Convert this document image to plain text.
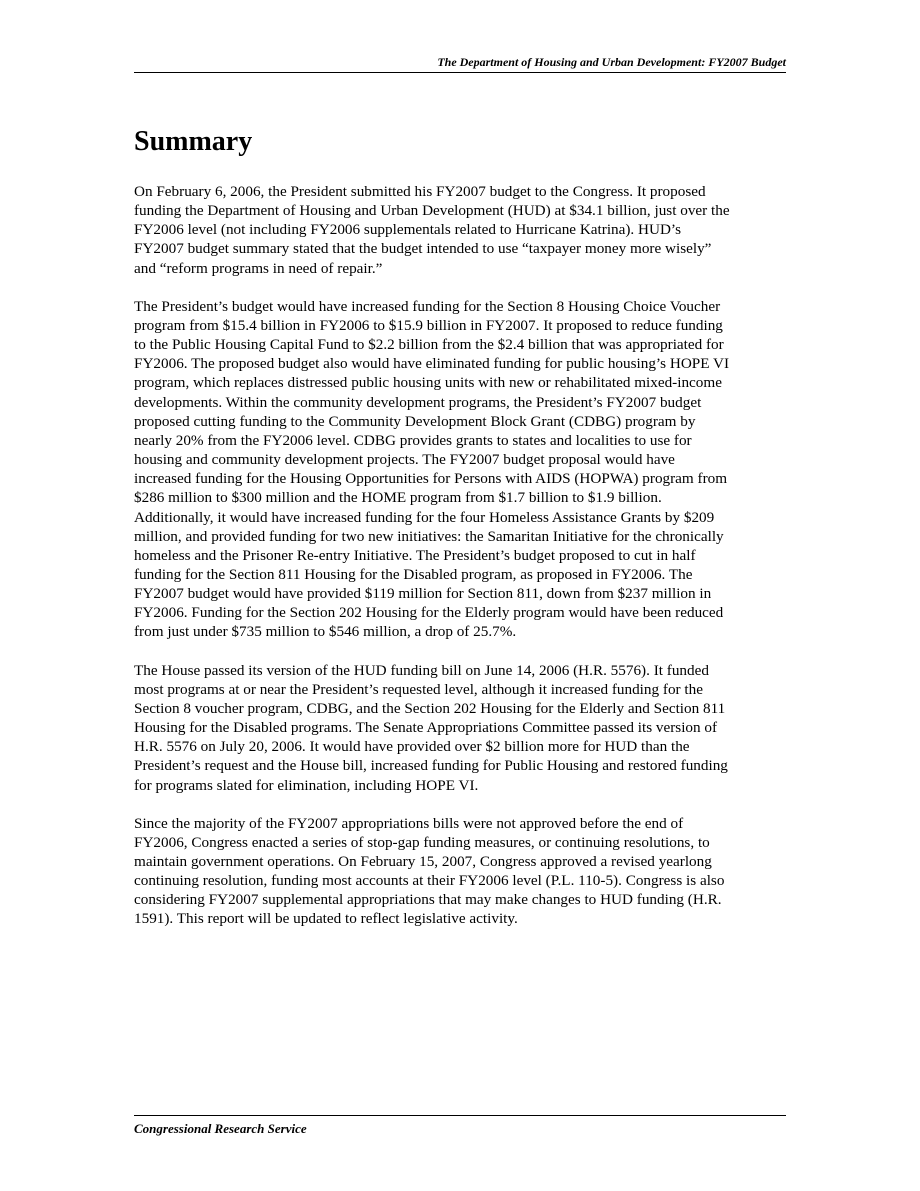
The Department of Housing and Urban Development: FY2007 Budget
Summary

On February 6, 2006, the President submitted his FY2007 budget to the Congress. It proposed
funding the Department of Housing and Urban Development (HUD) at $34.1 billion, just over the
FY2006 level (not including FY2006 supplementals related to Hurricane Katrina). HUD’s
FY2007 budget summary stated that the budget intended to use “taxpayer money more wisely”
and “reform programs in need of repair.”

The President’s budget would have increased funding for the Section 8 Housing Choice Voucher
program from $15.4 billion in FY2006 to $15.9 billion in FY2007. It proposed to reduce funding
to the Public Housing Capital Fund to $2.2 billion from the $2.4 billion that was appropriated for
FY2006. The proposed budget also would have eliminated funding for public housing’s HOPE VI
program, which replaces distressed public housing units with new or rehabilitated mixed-income
developments. Within the community development programs, the President’s FY2007 budget
proposed cutting funding to the Community Development Block Grant (CDBG) program by
nearly 20% from the FY2006 level. CDBG provides grants to states and localities to use for
housing and community development projects. The FY2007 budget proposal would have
increased funding for the Housing Opportunities for Persons with AIDS (HOPWA) program from
$286 million to $300 million and the HOME program from $1.7 billion to $1.9 billion.
Additionally, it would have increased funding for the four Homeless Assistance Grants by $209
million, and provided funding for two new initiatives: the Samaritan Initiative for the chronically
homeless and the Prisoner Re-entry Initiative. The President’s budget proposed to cut in half
funding for the Section 811 Housing for the Disabled program, as proposed in FY2006. The
FY2007 budget would have provided $119 million for Section 811, down from $237 million in
FY2006. Funding for the Section 202 Housing for the Elderly program would have been reduced
from just under $735 million to $546 million, a drop of 25.7%.

The House passed its version of the HUD funding bill on June 14, 2006 (H.R. 5576). It funded
most programs at or near the President’s requested level, although it increased funding for the
Section 8 voucher program, CDBG, and the Section 202 Housing for the Elderly and Section 811
Housing for the Disabled programs. The Senate Appropriations Committee passed its version of
H.R. 5576 on July 20, 2006. It would have provided over $2 billion more for HUD than the
President’s request and the House bill, increased funding for Public Housing and restored funding
for programs slated for elimination, including HOPE VI.

Since the majority of the FY2007 appropriations bills were not approved before the end of
FY2006, Congress enacted a series of stop-gap funding measures, or continuing resolutions, to
maintain government operations. On February 15, 2007, Congress approved a revised yearlong
continuing resolution, funding most accounts at their FY2006 level (P.L. 110-5). Congress is also
considering FY2007 supplemental appropriations that may make changes to HUD funding (H.R.
1591). This report will be updated to reflect legislative activity.

Congressional Research Service
